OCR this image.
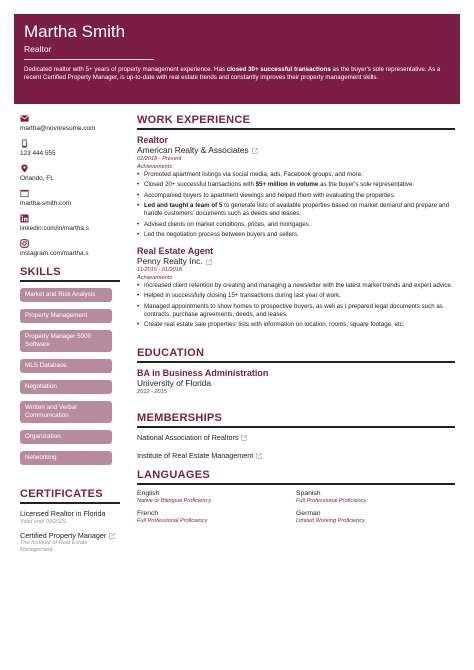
Martha Smith
Realtor
Dedicated realtor with 5+ years of property management experience. Has closed 30+ successful transactions as the buyer's sole representative. As a recent Certified Property Manager, is up-to-date with real estate trends and constantly improves their property management skills.
martha@novoresume.com
123 444 555
Orlando, FL
martha-smith.com
linkedin.com/in/martha.s
instagram.com/martha.s
SKILLS
Market and Risk Analysis
Property Management
Property Manager 5000 Software
MLS Database
Negotiation
Written and Verbal Communication
Organization
Networking
CERTIFICATES
Licensed Realtor in Florida
Valid until 09/2029
Certified Property Manager
The Institute of Real Estate Management
WORK EXPERIENCE
Realtor
American Realty & Associates
02/2018 - Present
Achievements
• Promoted apartment listings via social media, ads, Facebook groups, and more.
• Closed 20+ successful transactions with $5+ million in volume as the buyer's sole representative.
• Accompanied buyers to apartment viewings and helped them with evaluating the properties.
• Led and taught a team of 5 to generate lists of available properties based on market demand and prepare and handle customers' documents such as deeds and leases.
• Advised clients on market conditions, prices, and mortgages.
• Led the negotiation process between buyers and sellers.
Real Estate Agent
Penny Realty Inc.
11/2015 - 01/2018
Achievements
• Increased client retention by creating and managing a newsletter with the latest market trends and expert advice.
• Helped in successfully closing 15+ transactions during last year of work.
• Managed appointments to show homes to prospective buyers, as well as I prepared legal documents such as contracts, purchase agreements, deeds, and leases.
• Create real estate sale properties' lists with information on location, rooms, square footage, etc.
EDUCATION
BA in Business Administration
University of Florida
2012 - 2015
MEMBERSHIPS
National Association of Realtors
Institute of Real Estate Management
LANGUAGES
English
Native or Bilingual Proficiency
Spanish
Full Professional Proficiency
French
Full Professional Proficiency
German
Limited Working Proficiency
